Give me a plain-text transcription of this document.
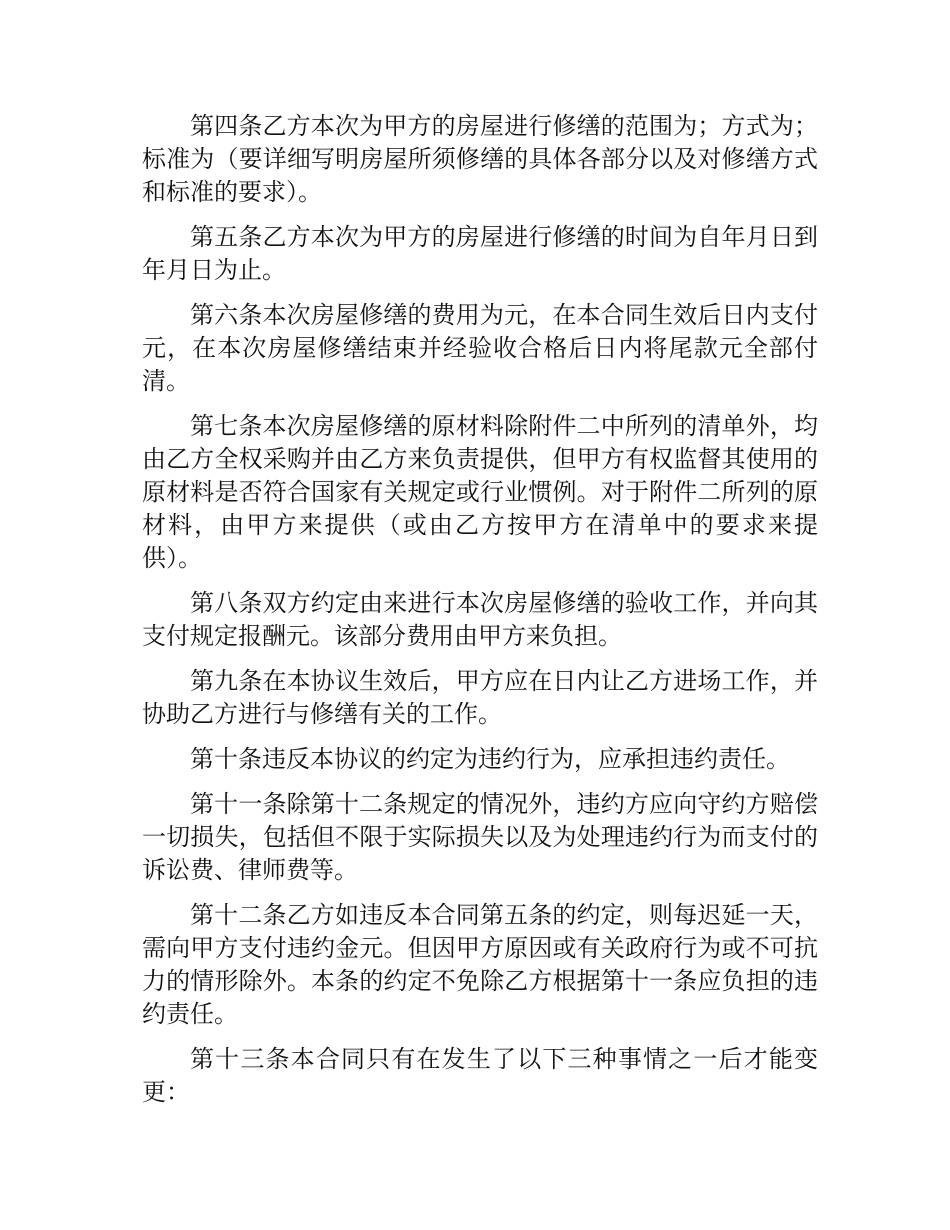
第四条乙方本次为甲方的房屋进行修缮的范围为；方式为；标准为（要详细写明房屋所须修缮的具体各部分以及对修缮方式和标准的要求）。

第五条乙方本次为甲方的房屋进行修缮的时间为自年月日到年月日为止。

第六条本次房屋修缮的费用为元，在本合同生效后日内支付元，在本次房屋修缮结束并经验收合格后日内将尾款元全部付清。

第七条本次房屋修缮的原材料除附件二中所列的清单外，均由乙方全权采购并由乙方来负责提供，但甲方有权监督其使用的原材料是否符合国家有关规定或行业惯例。对于附件二所列的原材料，由甲方来提供（或由乙方按甲方在清单中的要求来提供）。

第八条双方约定由来进行本次房屋修缮的验收工作，并向其支付规定报酬元。该部分费用由甲方来负担。

第九条在本协议生效后，甲方应在日内让乙方进场工作，并协助乙方进行与修缮有关的工作。

第十条违反本协议的约定为违约行为，应承担违约责任。

第十一条除第十二条规定的情况外，违约方应向守约方赔偿一切损失，包括但不限于实际损失以及为处理违约行为而支付的诉讼费、律师费等。

第十二条乙方如违反本合同第五条的约定，则每迟延一天，需向甲方支付违约金元。但因甲方原因或有关政府行为或不可抗力的情形除外。本条的约定不免除乙方根据第十一条应负担的违约责任。

第十三条本合同只有在发生了以下三种事情之一后才能变更：
